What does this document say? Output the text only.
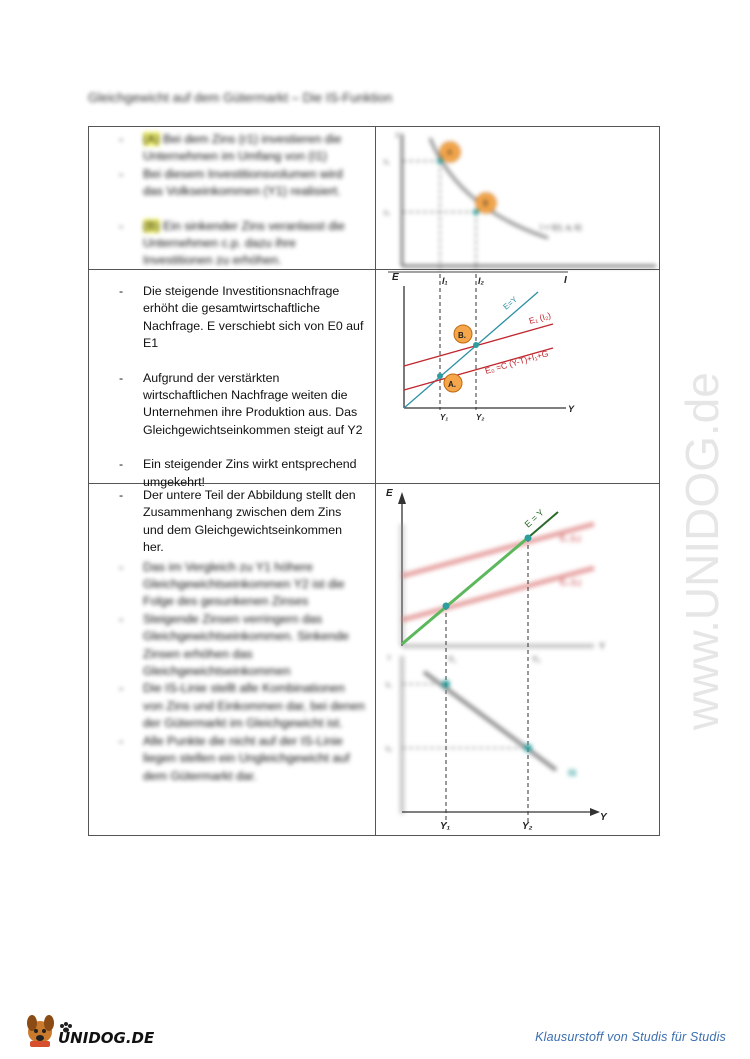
Gleichgewicht auf dem Gütermarkt – Die IS-Funktion
- (A) Bei dem Zins (r1) investieren die Unternehmen im Umfang von (I1)
- Bei diesem Investitionsvolumen wird das Volkseinkommen (Y1) realisiert.
- (B) Ein sinkender Zins veranlasst die Unternehmen c.p. dazu ihre Investitionen zu erhöhen.
- Die steigende Investitionsnachfrage erhöht die gesamtwirtschaftliche Nachfrage. E verschiebt sich von E0 auf E1
- Aufgrund der verstärkten wirtschaftlichen Nachfrage weiten die Unternehmen ihre Produktion aus. Das Gleichgewichtseinkommen steigt auf Y2
- Ein steigender Zins wirkt entsprechend umgekehrt!
- Der untere Teil der Abbildung stellt den Zusammenhang zwischen dem Zins und dem Gleichgewichtseinkommen her.
- Das im Vergleich zu Y1 höhere Gleichgewichtseinkommen Y2 ist die Folge des gesunkenen Zinses
- Steigende Zinsen verringern das Gleichgewichtseinkommen. Sinkende Zinsen erhöhen das Gleichgewichtseinkommen
- Die IS-Linie stellt alle Kombinationen von Zins und Einkommen dar, bei denen der Gütermarkt im Gleichgewicht ist.
- Alle Punkte die nicht auf der IS-Linie liegen stellen ein Ungleichgewicht auf dem Gütermarkt dar.
r
r₁
r₂
A
B
I = I(r), a, k)
E	I
I₁	I₂
Y
Y₁	Y₂
A.
B.
E=Y
E₁ (I₂)
E₀ =C (Y-T)+I₁+G
E
E₁ (I₂)
E₀ (I₁)
Y
Y₁	Y₂
E = Y
r
r₁
r₂
IS
Y
Y₁	Y₂
www.UNIDOG.de
UNIDOG.DE	Klausurstoff von Studis für Studis
